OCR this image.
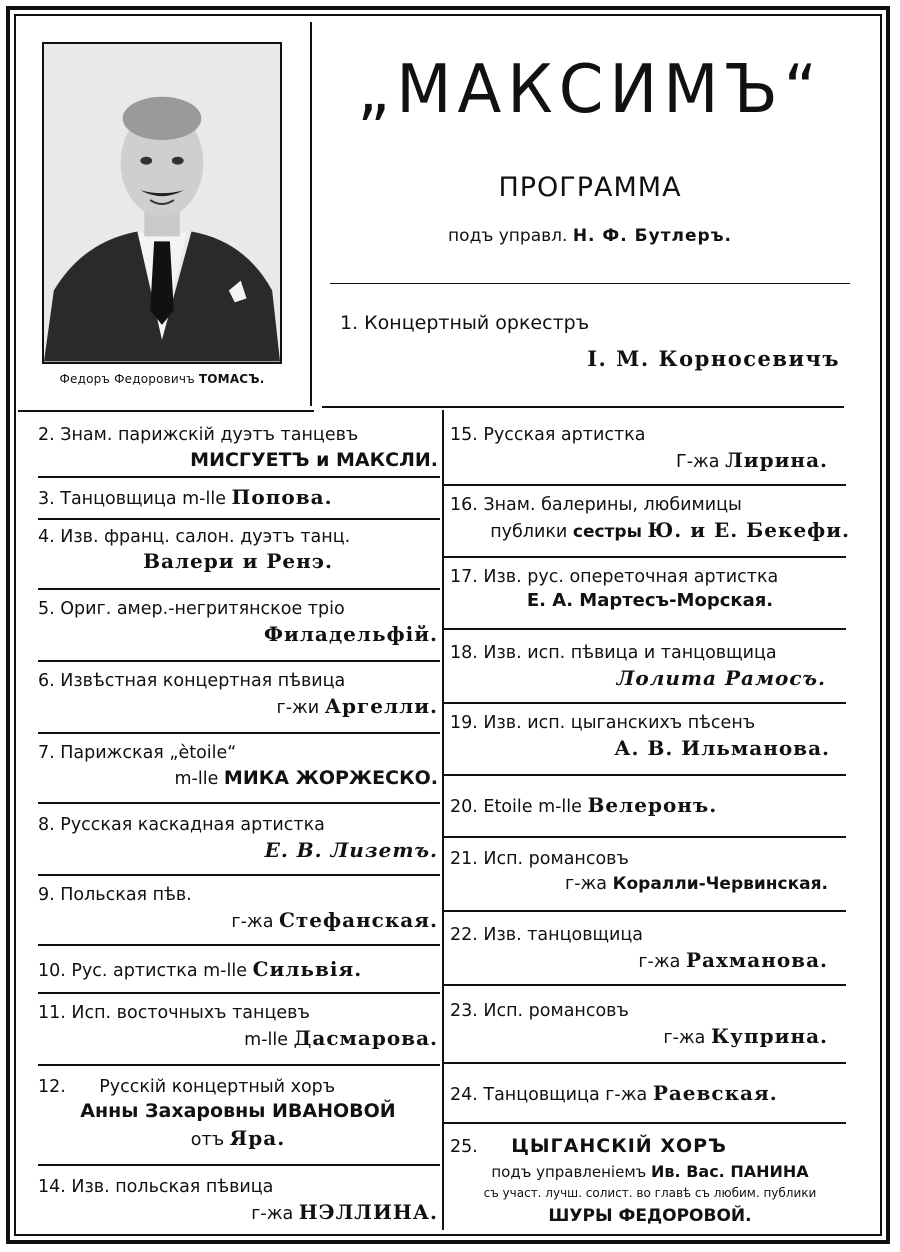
Федоръ Федоровичъ ТОМАСЪ.
„МАКСИМЪ“
ПРОГРАММА
подъ управл. Н. Ф. Бутлеръ.
1. Концертный оркестръ
I. М. Корносевичъ
2. Знам. парижскій дуэтъ танцевъ
МИСГУЕТЪ и МАКСЛИ.
3. Танцовщица m-lle Попова.
4. Изв. франц. салон. дуэтъ танц.
Валери и Ренэ.
5. Ориг. амер.-негритянское тріо
Филадельфій.
6. Извѣстная концертная пѣвица
г-жи Аргелли.
7. Парижская „ètoile“
m-lle МИКА ЖОРЖЕСКО.
8. Русская каскадная артистка
Е. В. Лизетъ.
9. Польская пѣв.
г-жа Стефанская.
10. Рус. артистка m-lle Сильвія.
11. Исп. восточныхъ танцевъ
m-lle Дасмарова.
12.      Русскій концертный хоръ
Анны Захаровны ИВАНОВОЙ
отъ Яра.
14. Изв. польская пѣвица
г-жа НЭЛЛИНА.
15. Русская артистка
Г-жа Лирина.
16. Знам. балерины, любимицы
публики сестры Ю. и Е. Бекефи.
17. Изв. рус. опереточная артистка
Е. А. Мартесъ-Морская.
18. Изв. исп. пѣвица и танцовщица
Лолита Рамосъ.
19. Изв. исп. цыганскихъ пѣсенъ
А. В. Ильманова.
20. Etoile m-lle Велеронъ.
21. Исп. романсовъ
г-жа Коралли-Червинская.
22. Изв. танцовщица
г-жа Рахманова.
23. Исп. романсовъ
г-жа Куприна.
24. Танцовщица г-жа Раевская.
25. ЦЫГАНСКІЙ ХОРЪ
подъ управленіемъ Ив. Вас. ПАНИНА
съ участ. лучш. солист. во главѣ съ любим. публики
ШУРЫ ФЕДОРОВОЙ.
